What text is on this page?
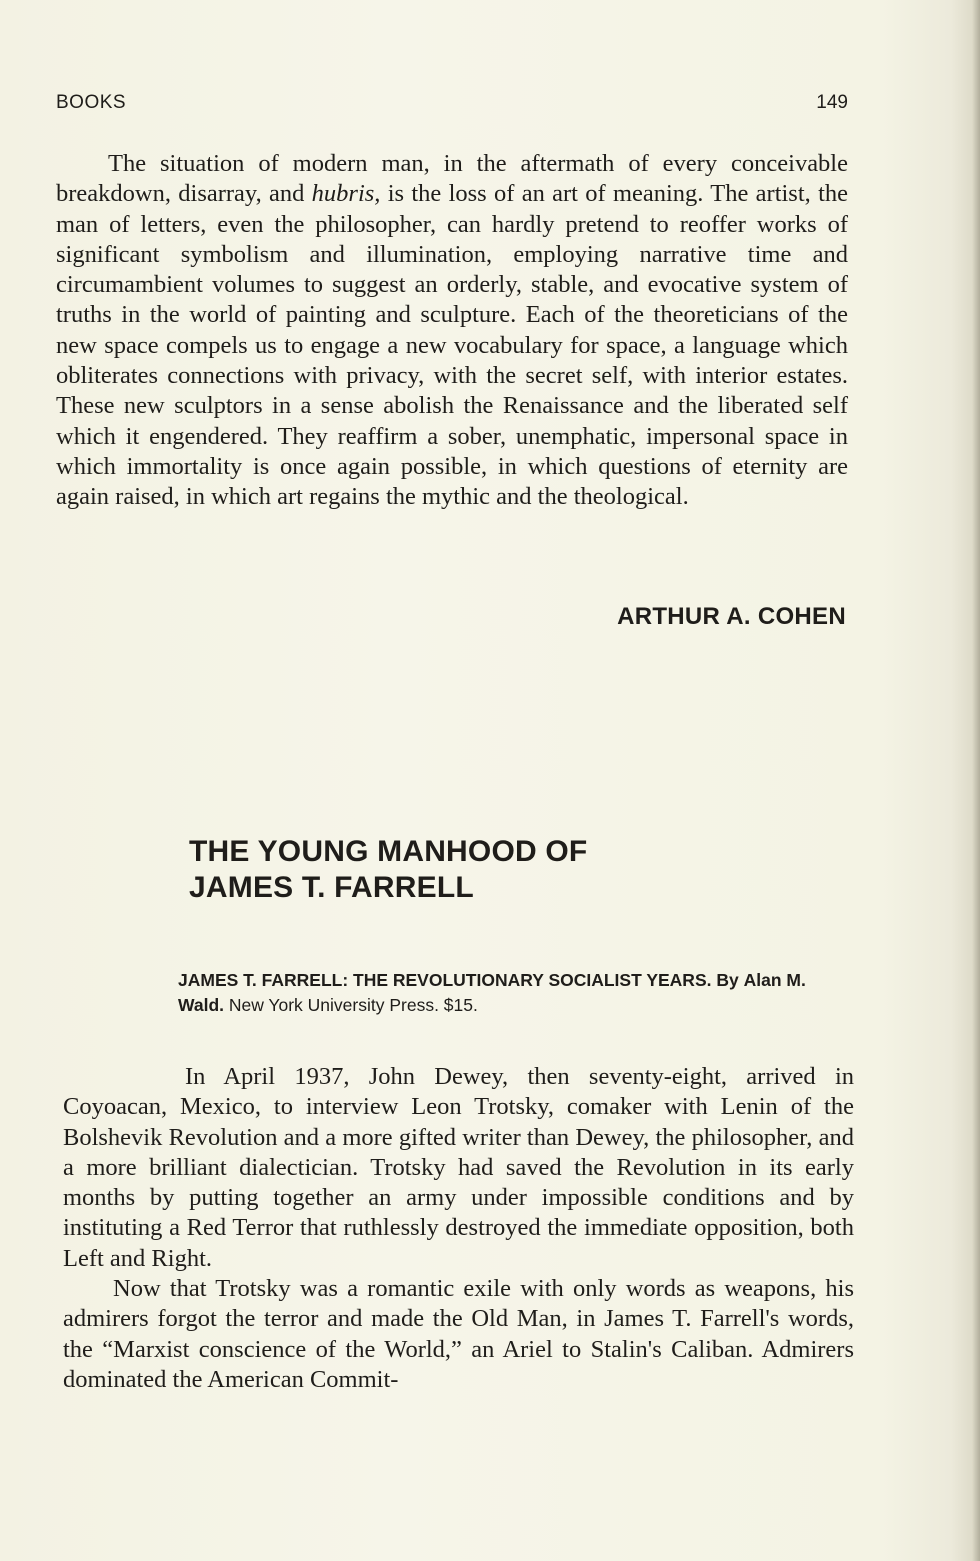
BOOKS	149

The situation of modern man, in the aftermath of every conceivable breakdown, disarray, and hubris, is the loss of an art of meaning. The artist, the man of letters, even the philosopher, can hardly pretend to reoffer works of significant symbolism and illumination, employing narrative time and circumambient volumes to suggest an orderly, stable, and evocative system of truths in the world of painting and sculpture. Each of the theoreticians of the new space compels us to engage a new vocabulary for space, a language which obliterates connections with privacy, with the secret self, with interior estates. These new sculptors in a sense abolish the Renaissance and the liberated self which it engendered. They reaffirm a sober, unemphatic, impersonal space in which immortality is once again possible, in which questions of eternity are again raised, in which art regains the mythic and the theological.

ARTHUR A. COHEN
THE YOUNG MANHOOD OF
JAMES T. FARRELL
JAMES T. FARRELL: THE REVOLUTIONARY SOCIALIST YEARS. By Alan M. Wald. New York University Press. $15.

In April 1937, John Dewey, then seventy-eight, arrived in Coyoacan, Mexico, to interview Leon Trotsky, comaker with Lenin of the Bolshevik Revolution and a more gifted writer than Dewey, the philosopher, and a more brilliant dialectician. Trotsky had saved the Revolution in its early months by putting together an army under impossible conditions and by instituting a Red Terror that ruthlessly destroyed the immediate opposition, both Left and Right.

Now that Trotsky was a romantic exile with only words as weapons, his admirers forgot the terror and made the Old Man, in James T. Farrell's words, the “Marxist conscience of the World,” an Ariel to Stalin's Caliban. Admirers dominated the American Commit-
